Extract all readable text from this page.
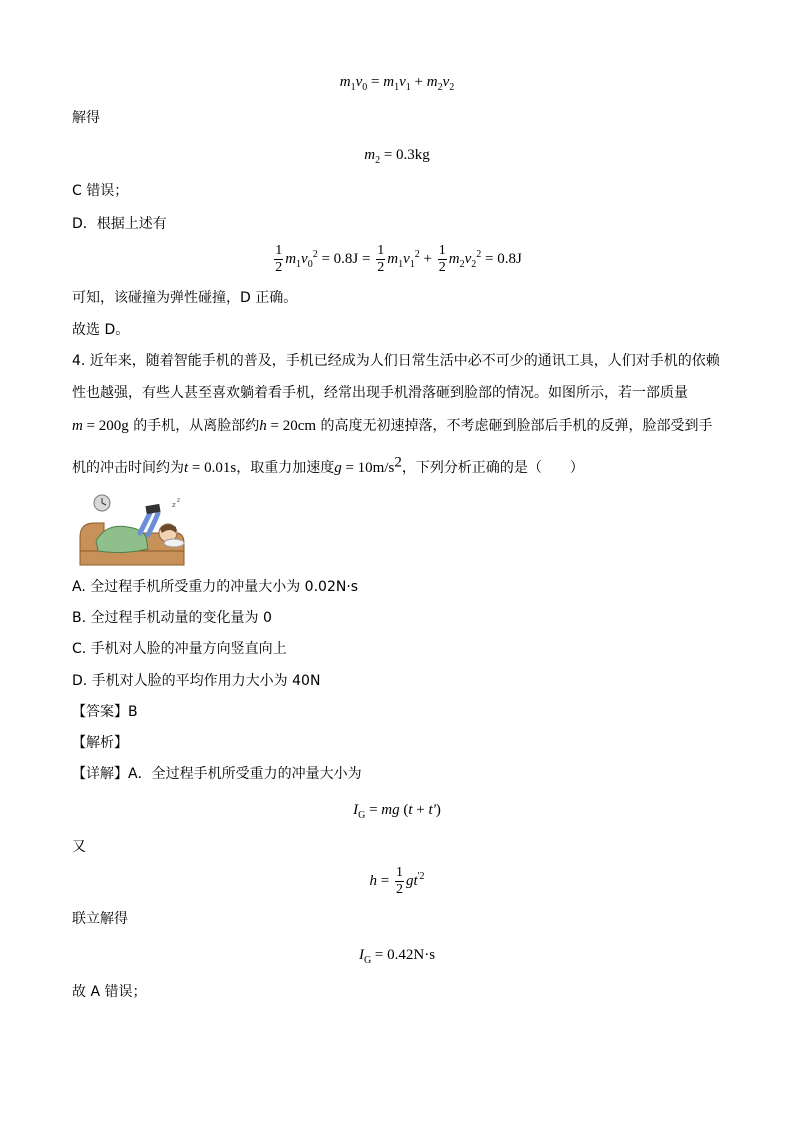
$m_1v_0 = m_1v_1 + m_2v_2$
解得
$m_2 = 0.3kg$
C 错误；
D．根据上述有
$\frac{1}{2} m_1v_0^2 = 0.8J = \frac{1}{2} m_1v_1^2 + \frac{1}{2} m_2v_2^2 = 0.8J$
可知，该碰撞为弹性碰撞，D 正确。
故选 D。
4. 近年来，随着智能手机的普及，手机已经成为人们日常生活中必不可少的通讯工具，人们对手机的依赖
性也越强，有些人甚至喜欢躺着看手机，经常出现手机滑落砸到脸部的情况。如图所示，若一部质量
m = 200g 的手机，从离脸部约h = 20cm 的高度无初速掉落，不考虑砸到脸部后手机的反弹，脸部受到手
机的冲击时间约为t = 0.01s，取重力加速度$g = 10m/s^2$，下列分析正确的是（　　）
z
z
A. 全过程手机所受重力的冲量大小为 0.02N·s
B. 全过程手机动量的变化量为 0
C. 手机对人脸的冲量方向竖直向上
D. 手机对人脸的平均作用力大小为 40N
【答案】B
【解析】
【详解】A．全过程手机所受重力的冲量大小为
$I_G$ = mg (t + t')
又
$h = \frac{1}{2} gt^{'2}$
联立解得
$I_G = 0.42N\cdot s$
故 A 错误；
